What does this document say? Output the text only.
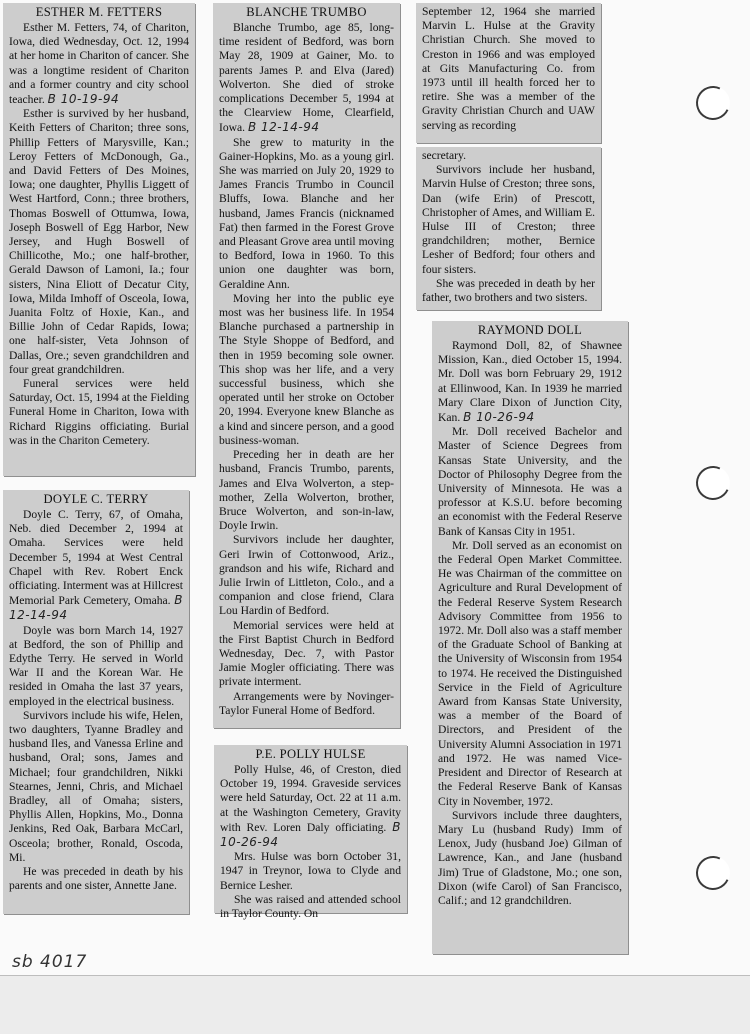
ESTHER M. FETTERS

Esther M. Fetters, 74, of Chariton, Iowa, died Wednesday, Oct. 12, 1994 at her home in Chariton of cancer. She was a longtime resident of Chariton and a former country and city school teacher. B 10-19-94

Esther is survived by her husband, Keith Fetters of Chariton; three sons, Phillip Fetters of Marysville, Kan.; Leroy Fetters of McDonough, Ga., and David Fetters of Des Moines, Iowa; one daughter, Phyllis Liggett of West Hartford, Conn.; three brothers, Thomas Boswell of Ottumwa, Iowa, Joseph Boswell of Egg Harbor, New Jersey, and Hugh Boswell of Chillicothe, Mo.; one half-brother, Gerald Dawson of Lamoni, Ia.; four sisters, Nina Eliott of Decatur City, Iowa, Milda Imhoff of Osceola, Iowa, Juanita Foltz of Hoxie, Kan., and Billie John of Cedar Rapids, Iowa; one half-sister, Veta Johnson of Dallas, Ore.; seven grandchildren and four great grandchildren.

Funeral services were held Saturday, Oct. 15, 1994 at the Fielding Funeral Home in Chariton, Iowa with Richard Riggins officiating. Burial was in the Chariton Cemetery.

DOYLE C. TERRY

Doyle C. Terry, 67, of Omaha, Neb. died December 2, 1994 at Omaha. Services were held December 5, 1994 at West Central Chapel with Rev. Robert Enck officiating. Interment was at Hillcrest Memorial Park Cemetery, Omaha. B 12-14-94

Doyle was born March 14, 1927 at Bedford, the son of Phillip and Edythe Terry. He served in World War II and the Korean War. He resided in Omaha the last 37 years, employed in the electrical business.

Survivors include his wife, Helen, two daughters, Tyanne Bradley and husband Iles, and Vanessa Erline and husband, Oral; sons, James and Michael; four grandchildren, Nikki Stearnes, Jenni, Chris, and Michael Bradley, all of Omaha; sisters, Phyllis Allen, Hopkins, Mo., Donna Jenkins, Red Oak, Barbara McCarl, Osceola; brother, Ronald, Oscoda, Mi.

He was preceded in death by his parents and one sister, Annette Jane.

BLANCHE TRUMBO

Blanche Trumbo, age 85, long-time resident of Bedford, was born May 28, 1909 at Gainer, Mo. to parents James P. and Elva (Jared) Wolverton. She died of stroke complications December 5, 1994 at the Clearview Home, Clearfield, Iowa. B 12-14-94

She grew to maturity in the Gainer-Hopkins, Mo. as a young girl. She was married on July 20, 1929 to James Francis Trumbo in Council Bluffs, Iowa. Blanche and her husband, James Francis (nicknamed Fat) then farmed in the Forest Grove and Pleasant Grove area until moving to Bedford, Iowa in 1960. To this union one daughter was born, Geraldine Ann.

Moving her into the public eye most was her business life. In 1954 Blanche purchased a partnership in The Style Shoppe of Bedford, and then in 1959 becoming sole owner. This shop was her life, and a very successful business, which she operated until her stroke on October 20, 1994. Everyone knew Blanche as a kind and sincere person, and a good business-woman.

Preceding her in death are her husband, Francis Trumbo, parents, James and Elva Wolverton, a step-mother, Zella Wolverton, brother, Bruce Wolverton, and son-in-law, Doyle Irwin.

Survivors include her daughter, Geri Irwin of Cottonwood, Ariz., grandson and his wife, Richard and Julie Irwin of Littleton, Colo., and a companion and close friend, Clara Lou Hardin of Bedford.

Memorial services were held at the First Baptist Church in Bedford Wednesday, Dec. 7, with Pastor Jamie Mogler officiating. There was private interment.

Arrangements were by Novinger-Taylor Funeral Home of Bedford.

P.E. POLLY HULSE

Polly Hulse, 46, of Creston, died October 19, 1994. Graveside services were held Saturday, Oct. 22 at 11 a.m. at the Washington Cemetery, Gravity with Rev. Loren Daly officiating. B 10-26-94

Mrs. Hulse was born October 31, 1947 in Treynor, Iowa to Clyde and Bernice Lesher.

She was raised and attended school in Taylor County. On

September 12, 1964 she married Marvin L. Hulse at the Gravity Christian Church. She moved to Creston in 1966 and was employed at Gits Manufacturing Co. from 1973 until ill health forced her to retire. She was a member of the Gravity Christian Church and UAW serving as recording

secretary.

Survivors include her husband, Marvin Hulse of Creston; three sons, Dan (wife Erin) of Prescott, Christopher of Ames, and William E. Hulse III of Creston; three grandchildren; mother, Bernice Lesher of Bedford; four others and four sisters.

She was preceded in death by her father, two brothers and two sisters.

RAYMOND DOLL

Raymond Doll, 82, of Shawnee Mission, Kan., died October 15, 1994. Mr. Doll was born February 29, 1912 at Ellinwood, Kan. In 1939 he married Mary Clare Dixon of Junction City, Kan. B 10-26-94

Mr. Doll received Bachelor and Master of Science Degrees from Kansas State University, and the Doctor of Philosophy Degree from the University of Minnesota. He was a professor at K.S.U. before becoming an economist with the Federal Reserve Bank of Kansas City in 1951.

Mr. Doll served as an economist on the Federal Open Market Committee. He was Chairman of the committee on Agriculture and Rural Development of the Federal Reserve System Research Advisory Committee from 1956 to 1972. Mr. Doll also was a staff member of the Graduate School of Banking at the University of Wisconsin from 1954 to 1974. He received the Distinguished Service in the Field of Agriculture Award from Kansas State University, was a member of the Board of Directors, and President of the University Alumni Association in 1971 and 1972. He was named Vice-President and Director of Research at the Federal Reserve Bank of Kansas City in November, 1972.

Survivors include three daughters, Mary Lu (husband Rudy) Imm of Lenox, Judy (husband Joe) Gilman of Lawrence, Kan., and Jane (husband Jim) True of Gladstone, Mo.; one son, Dixon (wife Carol) of San Francisco, Calif.; and 12 grandchildren.

sb 4017
